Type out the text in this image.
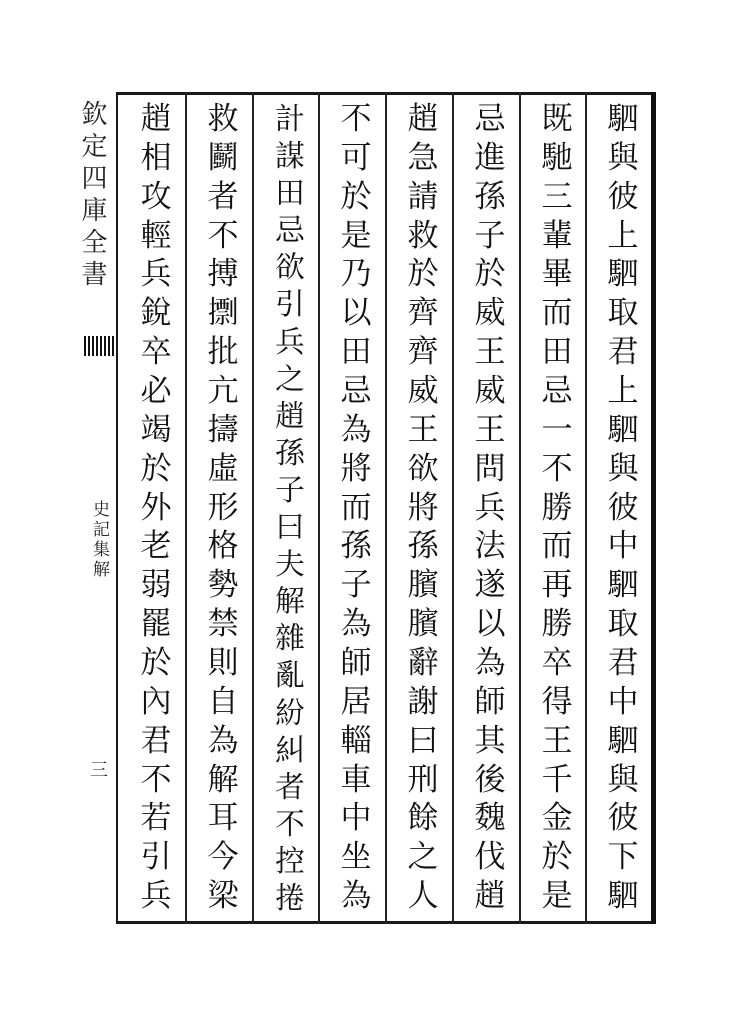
欽定四庫全書
史記集解
三
駟
與
彼
上
駟
取
君
上
駟
與
彼
中
駟
取
君
中
駟
與
彼
下
駟
既
馳
三
輩
畢
而
田
忌
一
不
勝
而
再
勝
卒
得
王
千
金
於
是
忌
進
孫
子
於
威
王
威
王
問
兵
法
遂
以
為
師
其
後
魏
伐
趙
趙
急
請
救
於
齊
齊
威
王
欲
將
孫
臏
臏
辭
謝
曰
刑
餘
之
人
不
可
於
是
乃
以
田
忌
為
將
而
孫
子
為
師
居
輜
車
中
坐
為
計
謀
田
忌
欲
引
兵
之
趙
孫
子
曰
夫
解
雜
亂
紛
糾
者
不
控
捲
救
鬬
者
不
搏
𢶏
批
亢
擣
虛
形
格
勢
禁
則
自
為
解
耳
今
梁
趙
相
攻
輕
兵
銳
卒
必
竭
於
外
老
弱
罷
於
內
君
不
若
引
兵
